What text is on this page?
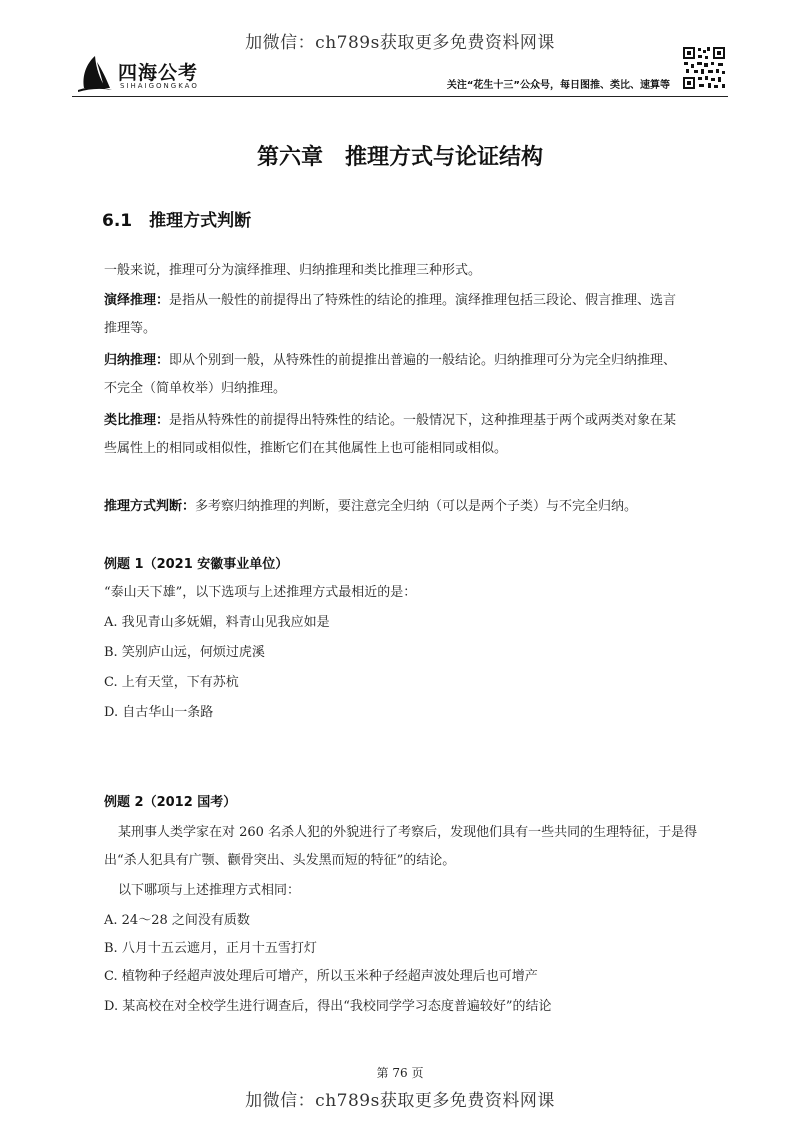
加微信：ch789s获取更多免费资料网课
四海公考
SIHAIGONGKAO	关注“花生十三”公众号，每日图推、类比、速算等
第六章　推理方式与论证结构
6.1　推理方式判断
一般来说，推理可分为演绎推理、归纳推理和类比推理三种形式。
演绎推理：是指从一般性的前提得出了特殊性的结论的推理。演绎推理包括三段论、假言推理、选言
推理等。
归纳推理：即从个别到一般，从特殊性的前提推出普遍的一般结论。归纳推理可分为完全归纳推理、
不完全（简单枚举）归纳推理。
类比推理：是指从特殊性的前提得出特殊性的结论。一般情况下，这种推理基于两个或两类对象在某
些属性上的相同或相似性，推断它们在其他属性上也可能相同或相似。
推理方式判断：多考察归纳推理的判断，要注意完全归纳（可以是两个子类）与不完全归纳。
例题 1（2021 安徽事业单位）
“泰山天下雄”，以下选项与上述推理方式最相近的是：
A. 我见青山多妩媚，料青山见我应如是
B. 笑别庐山远，何烦过虎溪
C. 上有天堂，下有苏杭
D. 自古华山一条路
例题 2（2012 国考）
某刑事人类学家在对 260 名杀人犯的外貌进行了考察后，发现他们具有一些共同的生理特征，于是得
出“杀人犯具有广颚、颧骨突出、头发黑而短的特征”的结论。
以下哪项与上述推理方式相同：
A. 24～28 之间没有质数
B. 八月十五云遮月，正月十五雪打灯
C. 植物种子经超声波处理后可增产，所以玉米种子经超声波处理后也可增产
D. 某高校在对全校学生进行调查后，得出“我校同学学习态度普遍较好”的结论
第 76 页
加微信：ch789s获取更多免费资料网课
